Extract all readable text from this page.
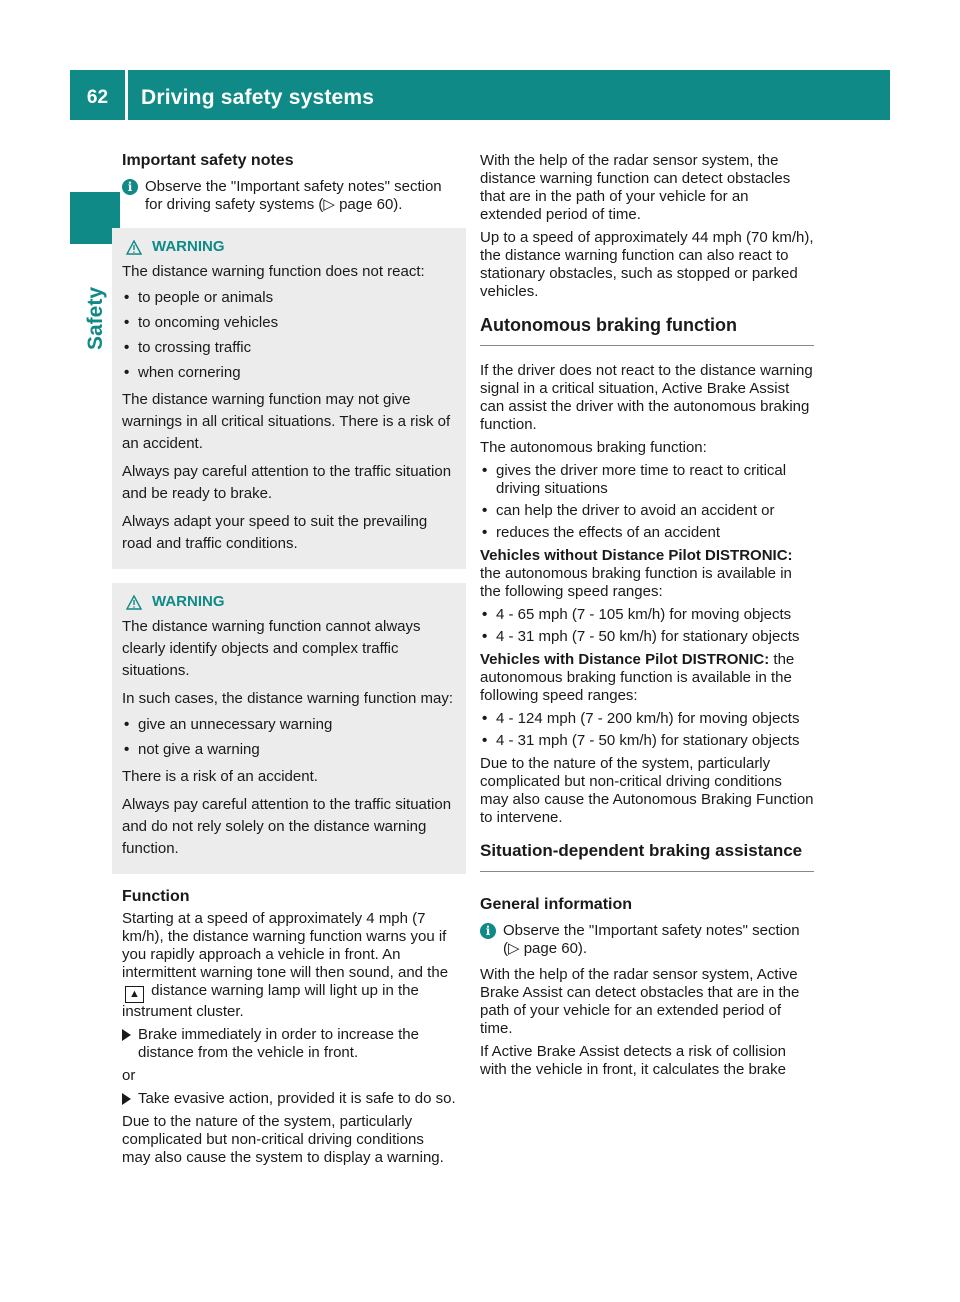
62	Driving safety systems
Safety
Important safety notes
i Observe the "Important safety notes" section for driving safety systems (▷ page 60).
WARNING

The distance warning function does not react:

• to people or animals
• to oncoming vehicles
• to crossing traffic
• when cornering

The distance warning function may not give warnings in all critical situations. There is a risk of an accident.

Always pay careful attention to the traffic situation and be ready to brake.

Always adapt your speed to suit the prevailing road and traffic conditions.

WARNING

The distance warning function cannot always clearly identify objects and complex traffic situations.

In such cases, the distance warning function may:

• give an unnecessary warning
• not give a warning

There is a risk of an accident.

Always pay careful attention to the traffic situation and do not rely solely on the distance warning function.

Function

Starting at a speed of approximately 4 mph (7 km/h), the distance warning function warns you if you rapidly approach a vehicle in front. An intermittent warning tone will then sound, and the ▲ distance warning lamp will light up in the instrument cluster.

Brake immediately in order to increase the distance from the vehicle in front.

or

Take evasive action, provided it is safe to do so.

Due to the nature of the system, particularly complicated but non-critical driving conditions may also cause the system to display a warning.

With the help of the radar sensor system, the distance warning function can detect obstacles that are in the path of your vehicle for an extended period of time.

Up to a speed of approximately 44 mph (70 km/h), the distance warning function can also react to stationary obstacles, such as stopped or parked vehicles.

Autonomous braking function

If the driver does not react to the distance warning signal in a critical situation, Active Brake Assist can assist the driver with the autonomous braking function.

The autonomous braking function:

• gives the driver more time to react to critical driving situations
• can help the driver to avoid an accident or
• reduces the effects of an accident

Vehicles without Distance Pilot DISTRONIC: the autonomous braking function is available in the following speed ranges:

• 4 - 65 mph (7 - 105 km/h) for moving objects
• 4 - 31 mph (7 - 50 km/h) for stationary objects

Vehicles with Distance Pilot DISTRONIC: the autonomous braking function is available in the following speed ranges:

• 4 - 124 mph (7 - 200 km/h) for moving objects
• 4 - 31 mph (7 - 50 km/h) for stationary objects

Due to the nature of the system, particularly complicated but non-critical driving conditions may also cause the Autonomous Braking Function to intervene.

Situation-dependent braking assistance
General information
i Observe the "Important safety notes" section (▷ page 60).

With the help of the radar sensor system, Active Brake Assist can detect obstacles that are in the path of your vehicle for an extended period of time.

If Active Brake Assist detects a risk of collision with the vehicle in front, it calculates the brake
